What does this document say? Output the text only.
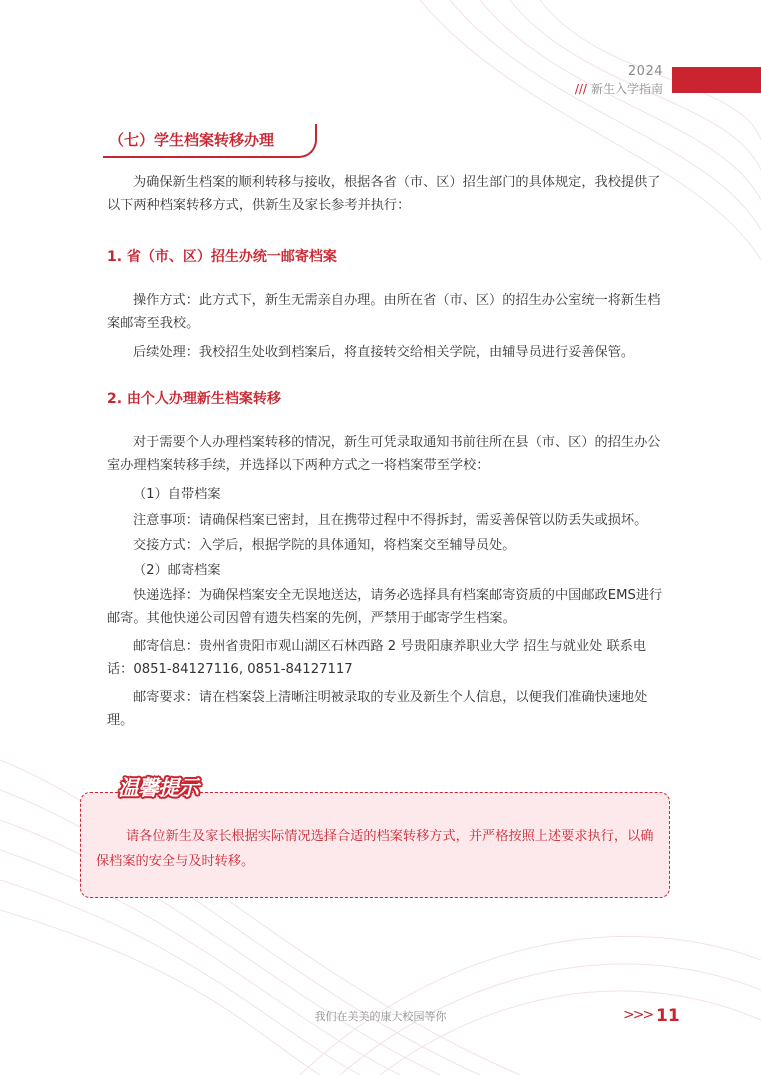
2024
/// 新生入学指南
（七）学生档案转移办理
为确保新生档案的顺利转移与接收，根据各省（市、区）招生部门的具体规定，我校提供了以下两种档案转移方式，供新生及家长参考并执行：
1. 省（市、区）招生办统一邮寄档案
操作方式：此方式下，新生无需亲自办理。由所在省（市、区）的招生办公室统一将新生档案邮寄至我校。
后续处理：我校招生处收到档案后，将直接转交给相关学院，由辅导员进行妥善保管。
2. 由个人办理新生档案转移
对于需要个人办理档案转移的情况，新生可凭录取通知书前往所在县（市、区）的招生办公室办理档案转移手续，并选择以下两种方式之一将档案带至学校：
（1）自带档案
注意事项：请确保档案已密封，且在携带过程中不得拆封，需妥善保管以防丢失或损坏。
交接方式：入学后，根据学院的具体通知，将档案交至辅导员处。
（2）邮寄档案
快递选择：为确保档案安全无误地送达，请务必选择具有档案邮寄资质的中国邮政EMS进行邮寄。其他快递公司因曾有遗失档案的先例，严禁用于邮寄学生档案。
邮寄信息：贵州省贵阳市观山湖区石林西路 2 号贵阳康养职业大学 招生与就业处 联系电话：0851-84127116, 0851-84127117
邮寄要求：请在档案袋上清晰注明被录取的专业及新生个人信息，以便我们准确快速地处理。
温馨提示
请各位新生及家长根据实际情况选择合适的档案转移方式，并严格按照上述要求执行，以确保档案的安全与及时转移。
我们在美美的康大校园等你	>>> 11
